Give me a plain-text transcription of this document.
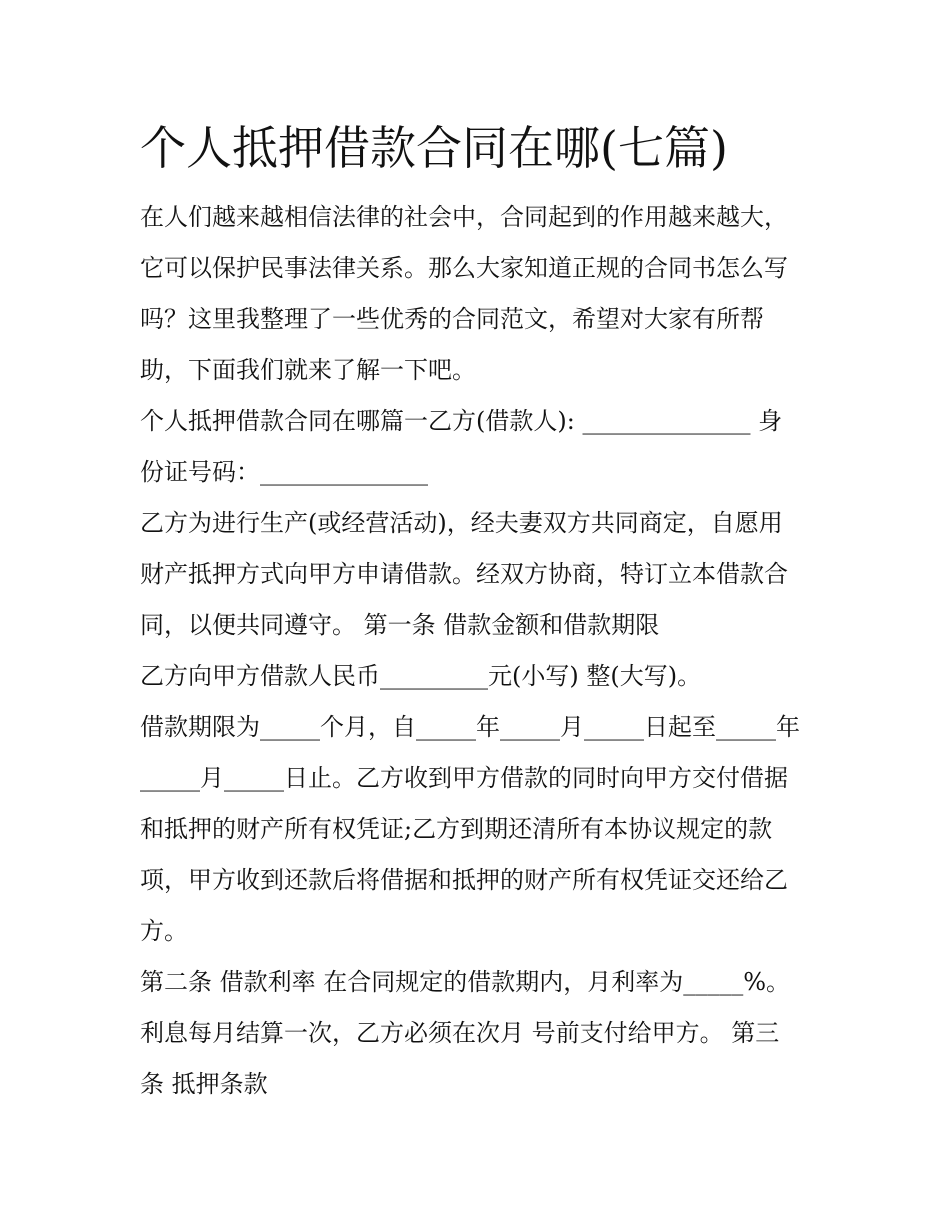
个人抵押借款合同在哪(七篇)

在人们越来越相信法律的社会中，合同起到的作用越来越大，
它可以保护民事法律关系。那么大家知道正规的合同书怎么写
吗？这里我整理了一些优秀的合同范文，希望对大家有所帮
助，下面我们就来了解一下吧。

个人抵押借款合同在哪篇一乙方(借款人): ______________ 身
份证号码：______________

乙方为进行生产(或经营活动)，经夫妻双方共同商定，自愿用
财产抵押方式向甲方申请借款。经双方协商，特订立本借款合
同，以便共同遵守。 第一条 借款金额和借款期限

乙方向甲方借款人民币_________元(小写) 整(大写)。

借款期限为_____个月，自_____年_____月_____日起至_____年
_____月_____日止。乙方收到甲方借款的同时向甲方交付借据
和抵押的财产所有权凭证;乙方到期还清所有本协议规定的款
项，甲方收到还款后将借据和抵押的财产所有权凭证交还给乙
方。

第二条 借款利率 在合同规定的借款期内，月利率为_____%。
利息每月结算一次，乙方必须在次月 号前支付给甲方。 第三
条 抵押条款
